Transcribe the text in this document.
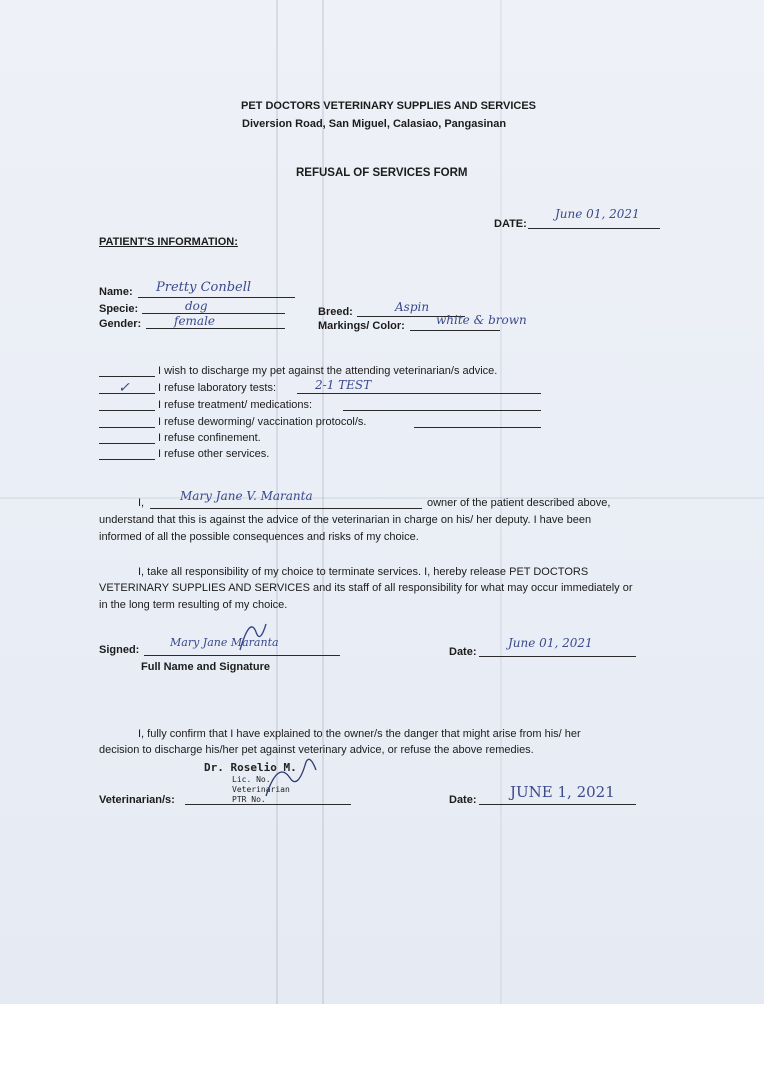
PET DOCTORS VETERINARY SUPPLIES AND SERVICES
Diversion Road, San Miguel, Calasiao, Pangasinan
REFUSAL OF SERVICES FORM
DATE:
June 01, 2021
PATIENT'S INFORMATION:
Name: Pretty Conbell
Specie:	dog
Gender:	female
Breed:	Aspin
Markings/ Color:	white & brown
I wish to discharge my pet against the attending veterinarian/s advice.
✓	I refuse laboratory tests:	2-1 TEST
I refuse treatment/ medications:
I refuse deworming/ vaccination protocol/s.
I refuse confinement.
I refuse other services.
I,	Mary Jane V. Maranta	owner of the patient described above,
understand that this is against the advice of the veterinarian in charge on his/ her deputy. I have been
informed of all the possible consequences and risks of my choice.
I, take all responsibility of my choice to terminate services. I, hereby release PET DOCTORS
VETERINARY SUPPLIES AND SERVICES and its staff of all responsibility for what may occur immediately or
in the long term resulting of my choice.
Signed:
Mary Jane Maranta
Full Name and Signature
Date:
June 01, 2021
I, fully confirm that I have explained to the owner/s the danger that might arise from his/ her
decision to discharge his/her pet against veterinary advice, or refuse the above remedies.
Veterinarian/s:
Dr. Roselio M.
Lic. No.
Veterinarian
PTR No.	Date: JUNE 1, 2021
